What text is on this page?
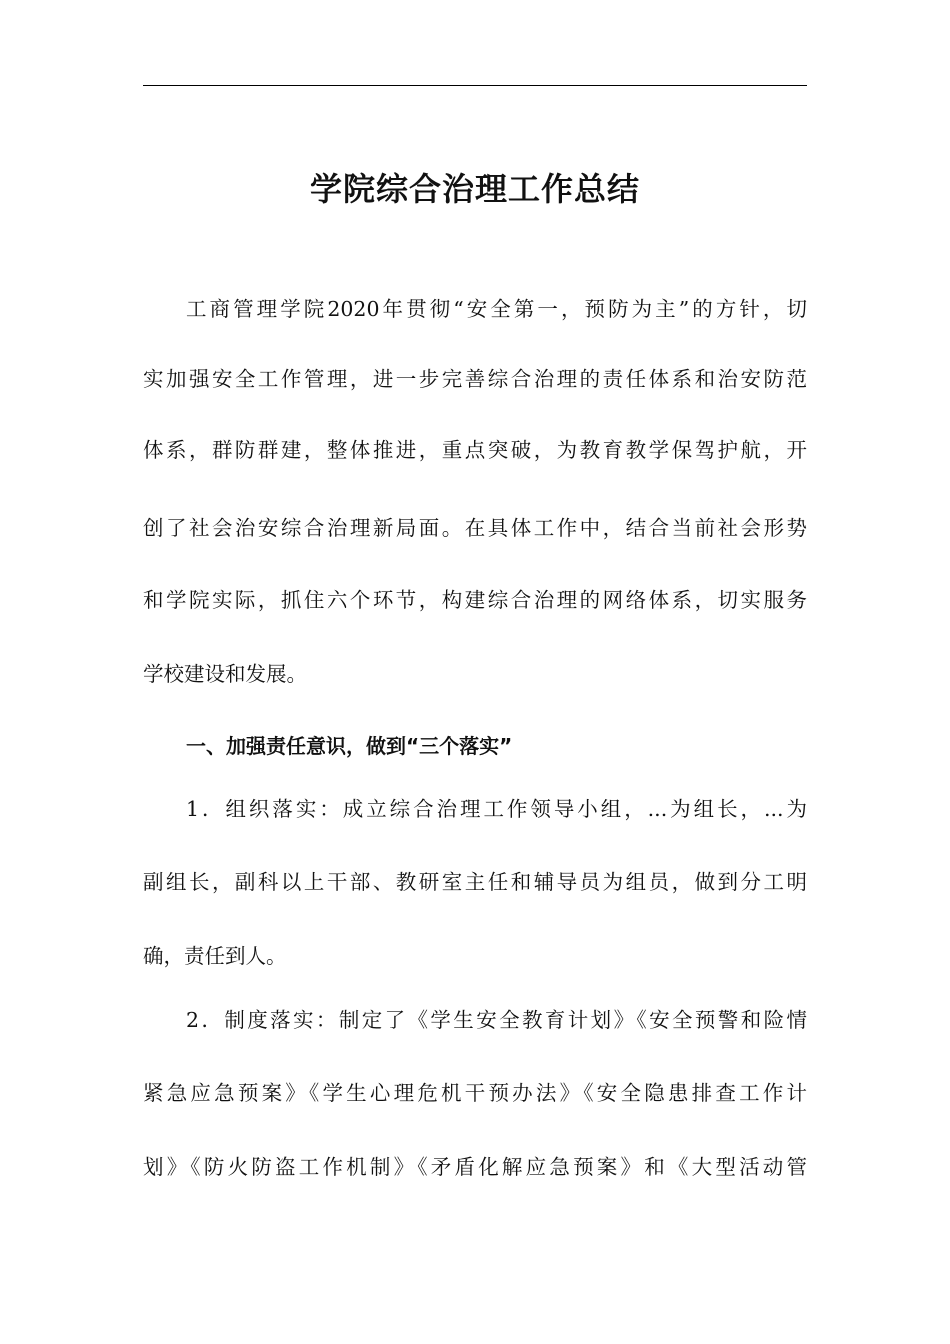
学院综合治理工作总结
工商管理学院2020年贯彻“安全第一，预防为主”的方针，切
实加强安全工作管理，进一步完善综合治理的责任体系和治安防范
体系，群防群建，整体推进，重点突破，为教育教学保驾护航，开
创了社会治安综合治理新局面。在具体工作中，结合当前社会形势
和学院实际，抓住六个环节，构建综合治理的网络体系，切实服务
学校建设和发展。
一、加强责任意识，做到“三个落实”
1．组织落实：成立综合治理工作领导小组，...为组长，...为
副组长，副科以上干部、教研室主任和辅导员为组员，做到分工明
确，责任到人。
2．制度落实：制定了《学生安全教育计划》《安全预警和险情
紧急应急预案》《学生心理危机干预办法》《安全隐患排查工作计
划》《防火防盗工作机制》《矛盾化解应急预案》和《大型活动管
